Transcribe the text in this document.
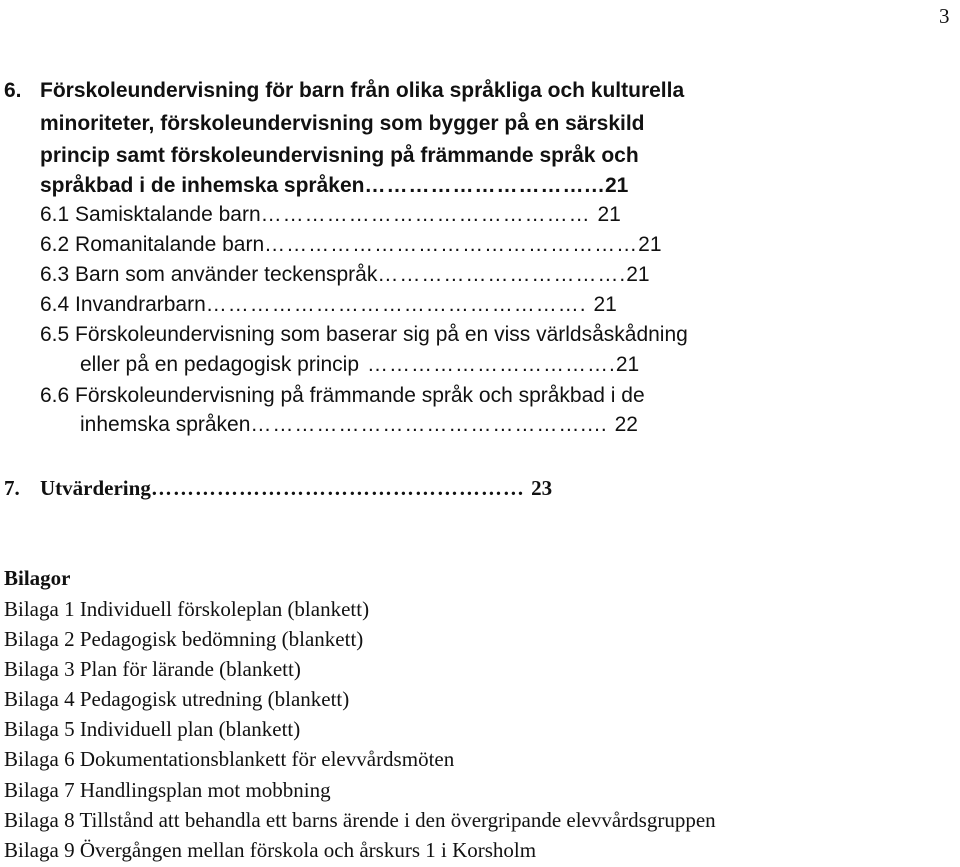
3
6. Förskoleundervisning för barn från olika språkliga och kulturella
minoriteter, förskoleundervisning som bygger på en särskild
princip samt förskoleundervisning på främmande språk och
språkbad i de inhemska språken…………………………...21
6.1 Samisktalande barn……………………………………… 21
6.2 Romanitalande barn……………………………………………21
6.3 Barn som använder teckenspråk…………………………….21
6.4 Invandrarbarn……………………………………………. 21
6.5 Förskoleundervisning som baserar sig på en viss världsåskådning
eller på en pedagogisk princip …………………………….21
6.6 Förskoleundervisning på främmande språk och språkbad i de
inhemska språken……………………………………….... 22
7. Utvärdering…………………………………………… 23
Bilagor
Bilaga 1 Individuell förskoleplan (blankett)
Bilaga 2 Pedagogisk bedömning (blankett)
Bilaga 3 Plan för lärande (blankett)
Bilaga 4 Pedagogisk utredning (blankett)
Bilaga 5 Individuell plan (blankett)
Bilaga 6 Dokumentationsblankett för elevvårdsmöten
Bilaga 7 Handlingsplan mot mobbning
Bilaga 8 Tillstånd att behandla ett barns ärende i den övergripande elevvårdsgruppen
Bilaga 9 Övergången mellan förskola och årskurs 1 i Korsholm
